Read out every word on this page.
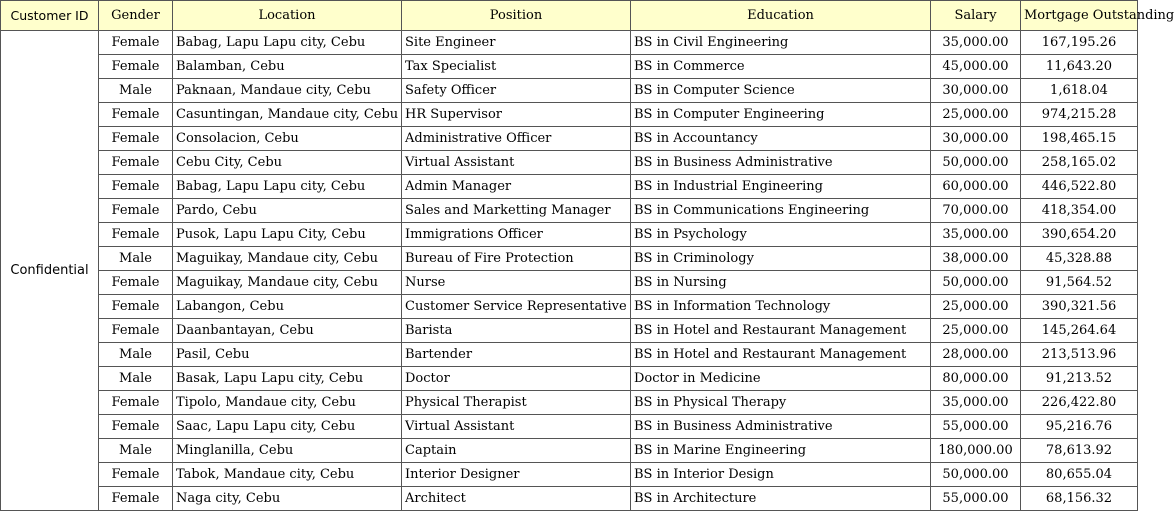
Customer ID	Gender	Location	Position	Education	Salary	Mortgage Outstanding
Confidential	Female	Babag, Lapu Lapu city, Cebu	Site Engineer	BS in Civil Engineering	35,000.00	167,195.26
	Female	Balamban, Cebu	Tax Specialist	BS in Commerce	45,000.00	11,643.20
	Male	Paknaan, Mandaue city, Cebu	Safety Officer	BS in Computer Science	30,000.00	1,618.04
	Female	Casuntingan, Mandaue city, Cebu	HR Supervisor	BS in Computer Engineering	25,000.00	974,215.28
	Female	Consolacion, Cebu	Administrative Officer	BS in Accountancy	30,000.00	198,465.15
	Female	Cebu City, Cebu	Virtual Assistant	BS in Business Administrative	50,000.00	258,165.02
	Female	Babag, Lapu Lapu city, Cebu	Admin Manager	BS in Industrial Engineering	60,000.00	446,522.80
	Female	Pardo, Cebu	Sales and Marketting Manager	BS in Communications Engineering	70,000.00	418,354.00
	Female	Pusok, Lapu Lapu City, Cebu	Immigrations Officer	BS in Psychology	35,000.00	390,654.20
	Male	Maguikay, Mandaue city, Cebu	Bureau of Fire Protection	BS in Criminology	38,000.00	45,328.88
	Female	Maguikay, Mandaue city, Cebu	Nurse	BS in Nursing	50,000.00	91,564.52
	Female	Labangon, Cebu	Customer Service Representative	BS in Information Technology	25,000.00	390,321.56
	Female	Daanbantayan, Cebu	Barista	BS in Hotel and Restaurant Management	25,000.00	145,264.64
	Male	Pasil, Cebu	Bartender	BS in Hotel and Restaurant Management	28,000.00	213,513.96
	Male	Basak, Lapu Lapu city, Cebu	Doctor	Doctor in Medicine	80,000.00	91,213.52
	Female	Tipolo, Mandaue city, Cebu	Physical Therapist	BS in Physical Therapy	35,000.00	226,422.80
	Female	Saac, Lapu Lapu city, Cebu	Virtual Assistant	BS in Business Administrative	55,000.00	95,216.76
	Male	Minglanilla, Cebu	Captain	BS in Marine Engineering	180,000.00	78,613.92
	Female	Tabok, Mandaue city, Cebu	Interior Designer	BS in Interior Design	50,000.00	80,655.04
	Female	Naga city, Cebu	Architect	BS in Architecture	55,000.00	68,156.32
